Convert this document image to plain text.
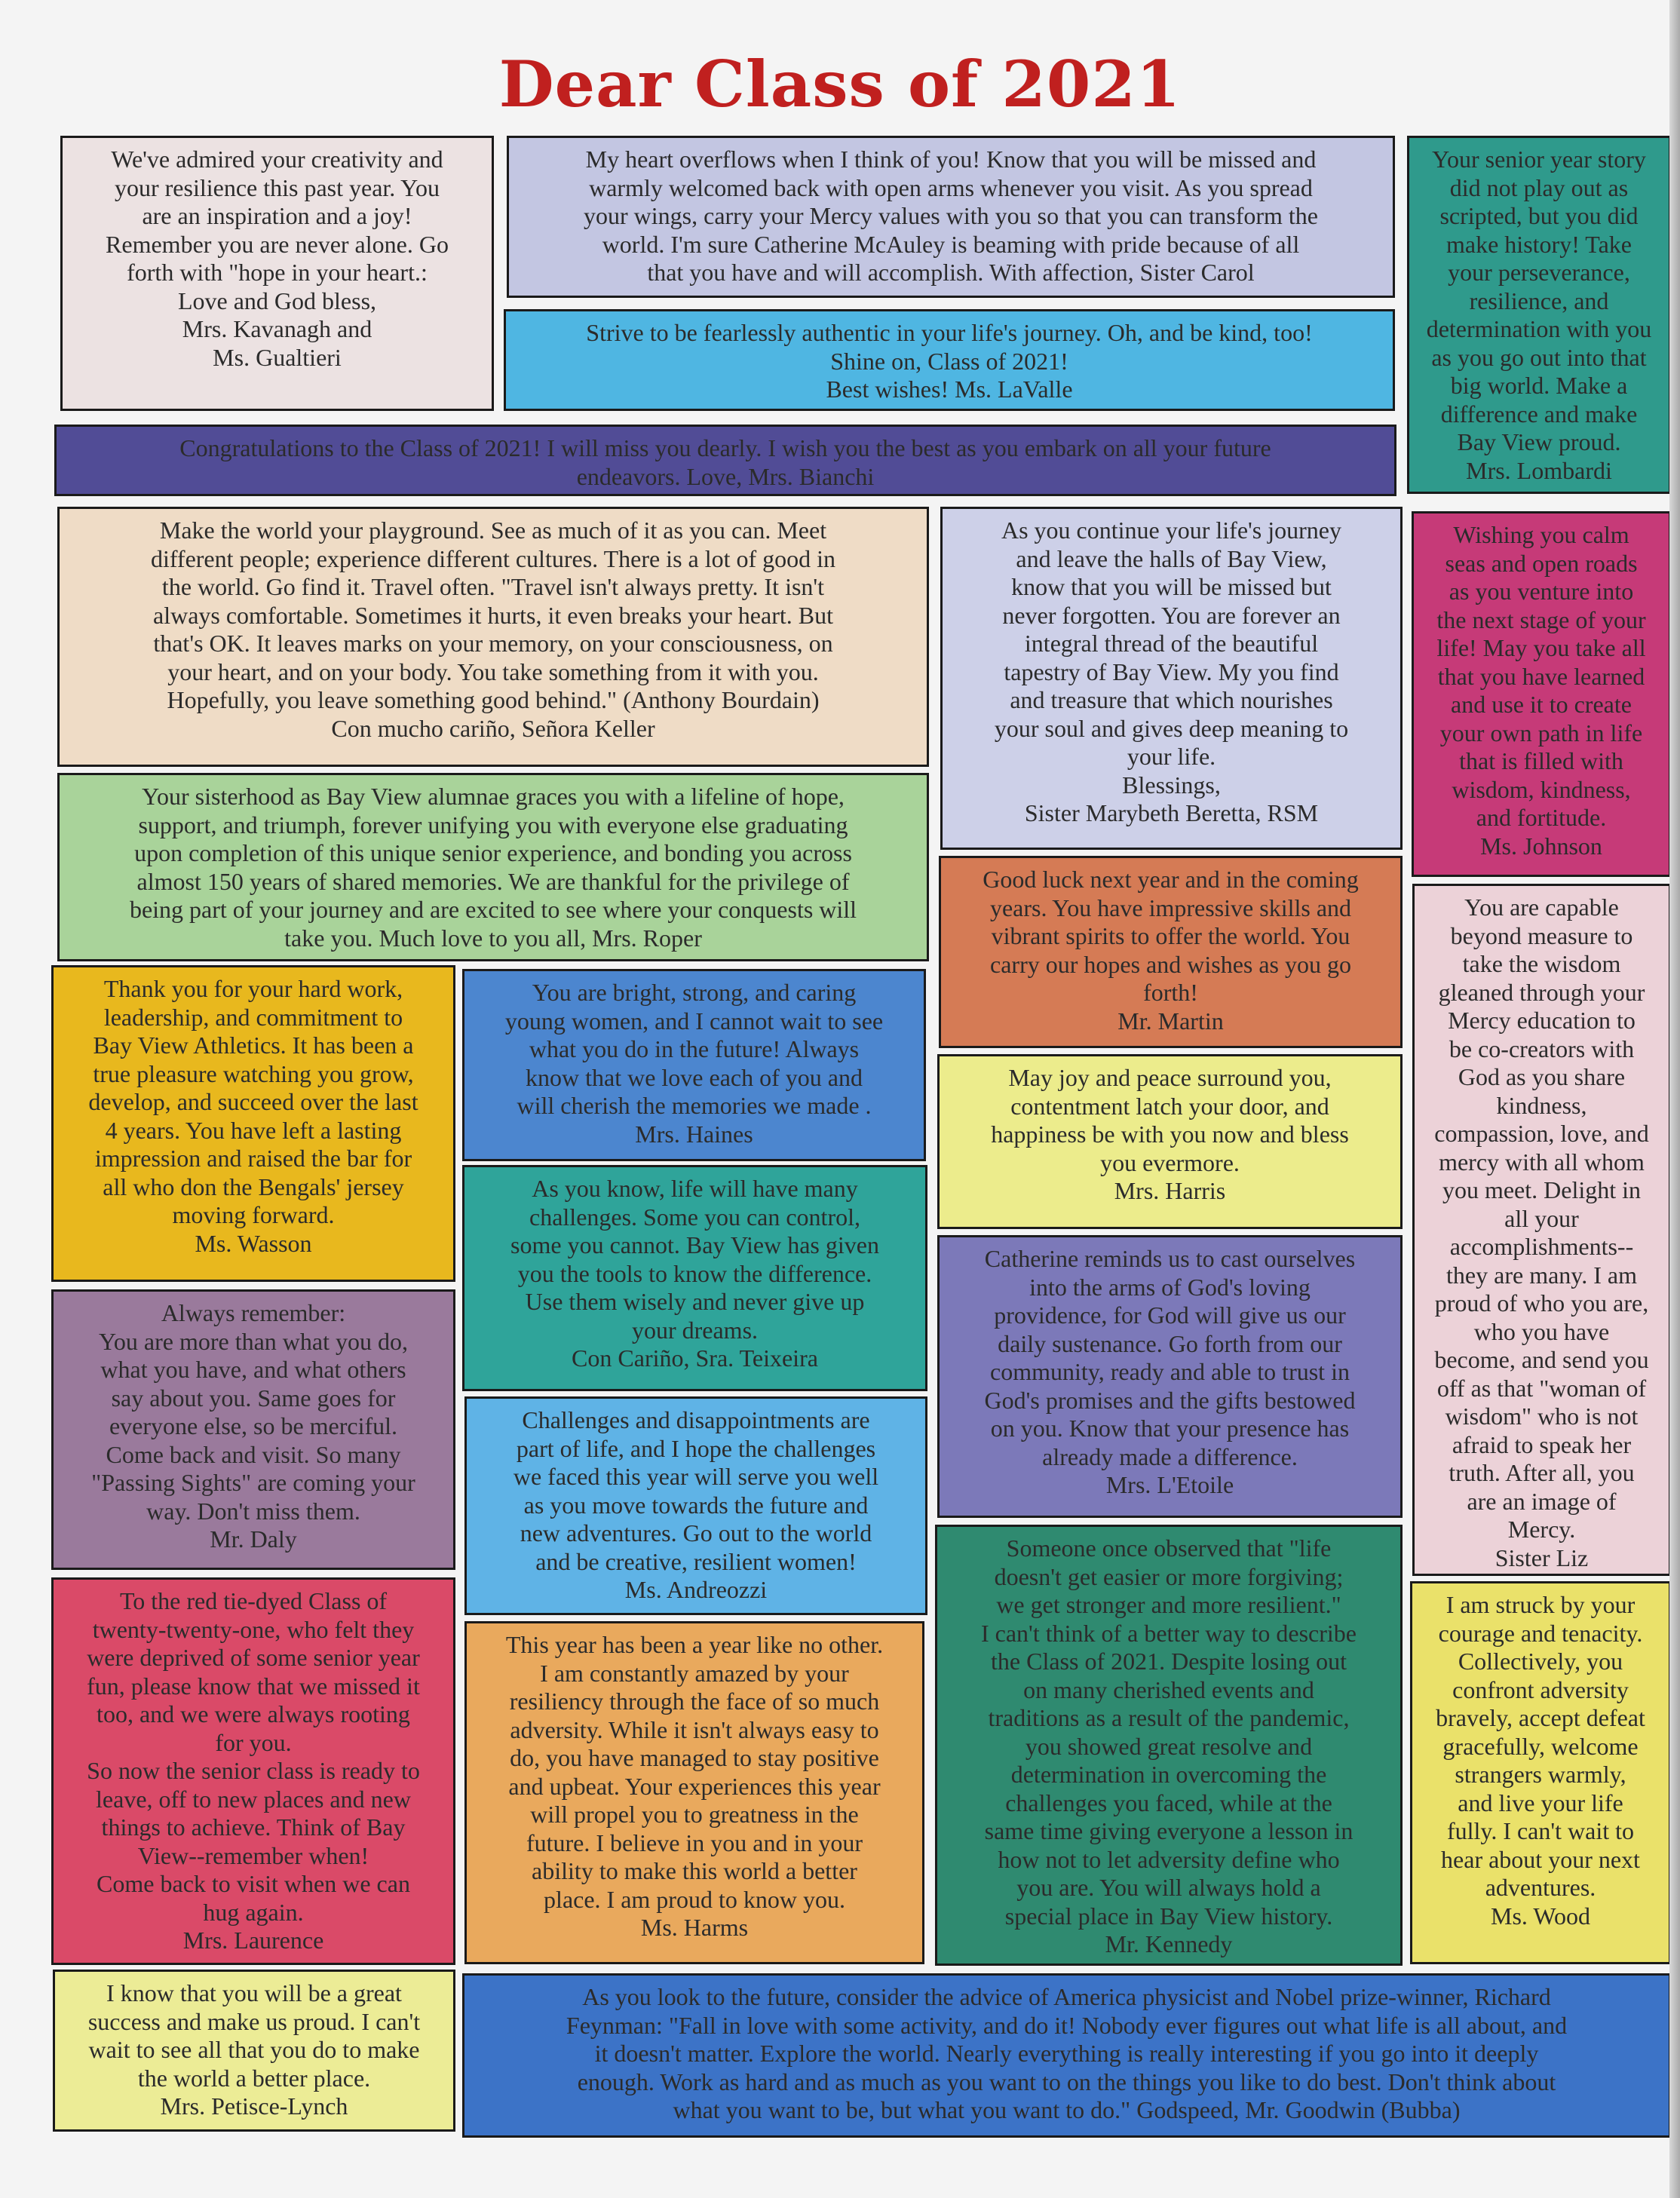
Dear Class of 2021
We've admired your creativity and
your resilience this past year. You
are an inspiration and a joy!
Remember you are never alone. Go
forth with "hope in your heart.:
Love and God bless,
Mrs. Kavanagh and
Ms. Gualtieri
My heart overflows when I think of you! Know that you will be missed and
warmly welcomed back with open arms whenever you visit. As you spread
your wings, carry your Mercy values with you so that you can transform the
world. I'm sure Catherine McAuley is beaming with pride because of all
that you have and will accomplish. With affection, Sister Carol
Strive to be fearlessly authentic in your life's journey. Oh, and be kind, too!
Shine on, Class of 2021!
Best wishes! Ms. LaValle
Your senior year story
did not play out as
scripted, but you did
make history! Take
your perseverance,
resilience, and
determination with you
as you go out into that
big world. Make a
difference and make
Bay View proud.
Mrs. Lombardi
Congratulations to the Class of 2021! I will miss you dearly. I wish you the best as you embark on all your future
endeavors. Love, Mrs. Bianchi
Make the world your playground. See as much of it as you can. Meet
different people; experience different cultures. There is a lot of good in
the world. Go find it. Travel often. "Travel isn't always pretty. It isn't
always comfortable. Sometimes it hurts, it even breaks your heart. But
that's OK. It leaves marks on your memory, on your consciousness, on
your heart, and on your body. You take something from it with you.
Hopefully, you leave something good behind." (Anthony Bourdain)
Con mucho cariño, Señora Keller
As you continue your life's journey
and leave the halls of Bay View,
know that you will be missed but
never forgotten. You are forever an
integral thread of the beautiful
tapestry of Bay View. My you find
and treasure that which nourishes
your soul and gives deep meaning to
your life.
Blessings,
Sister Marybeth Beretta, RSM
Wishing you calm
seas and open roads
as you venture into
the next stage of your
life! May you take all
that you have learned
and use it to create
your own path in life
that is filled with
wisdom, kindness,
and fortitude.
Ms. Johnson
Your sisterhood as Bay View alumnae graces you with a lifeline of hope,
support, and triumph, forever unifying you with everyone else graduating
upon completion of this unique senior experience, and bonding you across
almost 150 years of shared memories. We are thankful for the privilege of
being part of your journey and are excited to see where your conquests will
take you. Much love to you all, Mrs. Roper
Good luck next year and in the coming
years. You have impressive skills and
vibrant spirits to offer the world. You
carry our hopes and wishes as you go
forth!
Mr. Martin
You are capable
beyond measure to
take the wisdom
gleaned through your
Mercy education to
be co-creators with
God as you share
kindness,
compassion, love, and
mercy with all whom
you meet. Delight in
all your
accomplishments--
they are many. I am
proud of who you are,
who you have
become, and send you
off as that "woman of
wisdom" who is not
afraid to speak her
truth. After all, you
are an image of
Mercy.
Sister Liz
Thank you for your hard work,
leadership, and commitment to
Bay View Athletics. It has been a
true pleasure watching you grow,
develop, and succeed over the last
4 years. You have left a lasting
impression and raised the bar for
all who don the Bengals' jersey
moving forward.
Ms. Wasson
You are bright, strong, and caring
young women, and I cannot wait to see
what you do in the future! Always
know that we love each of you and
will cherish the memories we made .
Mrs. Haines
May joy and peace surround you,
contentment latch your door, and
happiness be with you now and bless
you evermore.
Mrs. Harris
As you know, life will have many
challenges. Some you can control,
some you cannot. Bay View has given
you the tools to know the difference.
Use them wisely and never give up
your dreams.
Con Cariño, Sra. Teixeira
Always remember:
You are more than what you do,
what you have, and what others
say about you. Same goes for
everyone else, so be merciful.
Come back and visit. So many
"Passing Sights" are coming your
way. Don't miss them.
Mr. Daly
Catherine reminds us to cast ourselves
into the arms of God's loving
providence, for God will give us our
daily sustenance. Go forth from our
community, ready and able to trust in
God's promises and the gifts bestowed
on you. Know that your presence has
already made a difference.
Mrs. L'Etoile
Challenges and disappointments are
part of life, and I hope the challenges
we faced this year will serve you well
as you move towards the future and
new adventures. Go out to the world
and be creative, resilient women!
Ms. Andreozzi
To the red tie-dyed Class of
twenty-twenty-one, who felt they
were deprived of some senior year
fun, please know that we missed it
too, and we were always rooting
for you.
So now the senior class is ready to
leave, off to new places and new
things to achieve. Think of Bay
View--remember when!
Come back to visit when we can
hug again.
Mrs. Laurence
This year has been a year like no other.
I am constantly amazed by your
resiliency through the face of so much
adversity. While it isn't always easy to
do, you have managed to stay positive
and upbeat. Your experiences this year
will propel you to greatness in the
future. I believe in you and in your
ability to make this world a better
place. I am proud to know you.
Ms. Harms
Someone once observed that "life
doesn't get easier or more forgiving;
we get stronger and more resilient."
I can't think of a better way to describe
the Class of 2021. Despite losing out
on many cherished events and
traditions as a result of the pandemic,
you showed great resolve and
determination in overcoming the
challenges you faced, while at the
same time giving everyone a lesson in
how not to let adversity define who
you are. You will always hold a
special place in Bay View history.
Mr. Kennedy
I am struck by your
courage and tenacity.
Collectively, you
confront adversity
bravely, accept defeat
gracefully, welcome
strangers warmly,
and live your life
fully. I can't wait to
hear about your next
adventures.
Ms. Wood
I know that you will be a great
success and make us proud. I can't
wait to see all that you do to make
the world a better place.
Mrs. Petisce-Lynch
As you look to the future, consider the advice of America physicist and Nobel prize-winner, Richard
Feynman: "Fall in love with some activity, and do it! Nobody ever figures out what life is all about, and
it doesn't matter. Explore the world. Nearly everything is really interesting if you go into it deeply
enough. Work as hard and as much as you want to on the things you like to do best. Don't think about
what you want to be, but what you want to do." Godspeed, Mr. Goodwin (Bubba)
